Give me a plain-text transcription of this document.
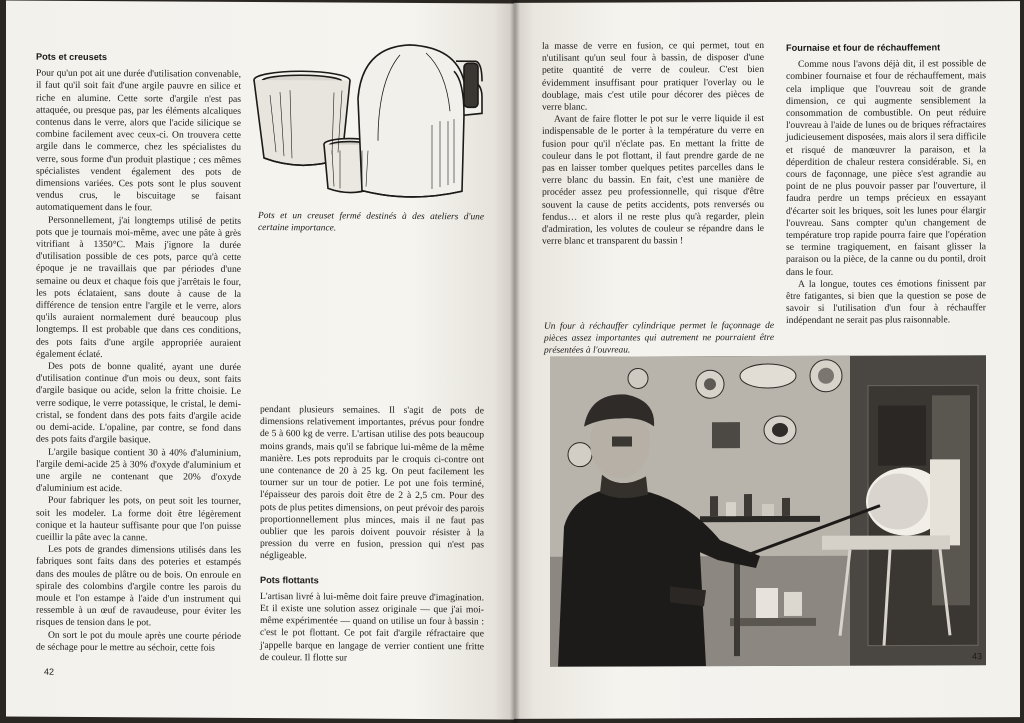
Pots et creusets

Pour qu'un pot ait une durée d'utilisation convenable, il faut qu'il soit fait d'une argile pauvre en silice et riche en alumine. Cette sorte d'argile n'est pas attaquée, ou presque pas, par les éléments alcaliques contenus dans le verre, alors que l'acide silicique se combine facilement avec ceux-ci. On trouvera cette argile dans le commerce, chez les spécialistes du verre, sous forme d'un produit plastique ; ces mêmes spécialistes vendent également des pots de dimensions variées. Ces pots sont le plus souvent vendus crus, le biscuitage se faisant automatiquement dans le four.

Personnellement, j'ai longtemps utilisé de petits pots que je tournais moi-même, avec une pâte à grès vitrifiant à 1350°C. Mais j'ignore la durée d'utilisation possible de ces pots, parce qu'à cette époque je ne travaillais que par périodes d'une semaine ou deux et chaque fois que j'arrêtais le four, les pots éclataient, sans doute à cause de la différence de tension entre l'argile et le verre, alors qu'ils auraient normalement duré beaucoup plus longtemps. Il est probable que dans ces conditions, des pots faits d'une argile appropriée auraient également éclaté.

Des pots de bonne qualité, ayant une durée d'utilisation continue d'un mois ou deux, sont faits d'argile basique ou acide, selon la fritte choisie. Le verre sodique, le verre potassique, le cristal, le demi-cristal, se fondent dans des pots faits d'argile acide ou demi-acide. L'opaline, par contre, se fond dans des pots faits d'argile basique.

L'argile basique contient 30 à 40% d'aluminium, l'argile demi-acide 25 à 30% d'oxyde d'aluminium et une argile ne contenant que 20% d'oxyde d'aluminium est acide.

Pour fabriquer les pots, on peut soit les tourner, soit les modeler. La forme doit être légèrement conique et la hauteur suffisante pour que l'on puisse cueillir la pâte avec la canne.

Les pots de grandes dimensions utilisés dans les fabriques sont faits dans des poteries et estampés dans des moules de plâtre ou de bois. On enroule en spirale des colombins d'argile contre les parois du moule et l'on estampe à l'aide d'un instrument qui ressemble à un œuf de ravaudeuse, pour éviter les risques de tension dans le pot.

On sort le pot du moule après une courte période de séchage pour le mettre au séchoir, cette fois

Pots et un creuset fermé destinés à des ateliers d'une certaine importance.

pendant plusieurs semaines. Il s'agit de pots de dimensions relativement importantes, prévus pour fondre de 5 à 600 kg de verre. L'artisan utilise des pots beaucoup moins grands, mais qu'il se fabrique lui-même de la même manière. Les pots reproduits par le croquis ci-contre ont une contenance de 20 à 25 kg. On peut facilement les tourner sur un tour de potier. Le pot une fois terminé, l'épaisseur des parois doit être de 2 à 2,5 cm. Pour des pots de plus petites dimensions, on peut prévoir des parois proportionnellement plus minces, mais il ne faut pas oublier que les parois doivent pouvoir résister à la pression du verre en fusion, pression qui n'est pas négligeable.

Pots flottants

L'artisan livré à lui-même doit faire preuve d'imagination. Et il existe une solution assez originale — que j'ai moi-même expérimentée — quand on utilise un four à bassin : c'est le pot flottant. Ce pot fait d'argile réfractaire que j'appelle barque en langage de verrier contient une fritte de couleur. Il flotte sur

42

la masse de verre en fusion, ce qui permet, tout en n'utilisant qu'un seul four à bassin, de disposer d'une petite quantité de verre de couleur. C'est bien évidemment insuffisant pour pratiquer l'overlay ou le doublage, mais c'est utile pour décorer des pièces de verre blanc.

Avant de faire flotter le pot sur le verre liquide il est indispensable de le porter à la température du verre en fusion pour qu'il n'éclate pas. En mettant la fritte de couleur dans le pot flottant, il faut prendre garde de ne pas en laisser tomber quelques petites parcelles dans le verre blanc du bassin. En fait, c'est une manière de procéder assez peu professionnelle, qui risque d'être souvent la cause de petits accidents, pots renversés ou fendus… et alors il ne reste plus qu'à regarder, plein d'admiration, les volutes de couleur se répandre dans le verre blanc et transparent du bassin !

Fournaise et four de réchauffement

Comme nous l'avons déjà dit, il est possible de combiner fournaise et four de réchauffement, mais cela implique que l'ouvreau soit de grande dimension, ce qui augmente sensiblement la consommation de combustible. On peut réduire l'ouvreau à l'aide de lunes ou de briques réfractaires judicieusement disposées, mais alors il sera difficile et risqué de manœuvrer la paraison, et la déperdition de chaleur restera considérable. Si, en cours de façonnage, une pièce s'est agrandie au point de ne plus pouvoir passer par l'ouverture, il faudra perdre un temps précieux en essayant d'écarter soit les briques, soit les lunes pour élargir l'ouvreau. Sans compter qu'un changement de température trop rapide pourra faire que l'opération se termine tragiquement, en faisant glisser la paraison ou la pièce, de la canne ou du pontil, droit dans le four.

A la longue, toutes ces émotions finissent par être fatigantes, si bien que la question se pose de savoir si l'utilisation d'un four à réchauffer indépendant ne serait pas plus raisonnable.

Un four à réchauffer cylindrique permet le façonnage de pièces assez importantes qui autrement ne pourraient être présentées à l'ouvreau.
43
